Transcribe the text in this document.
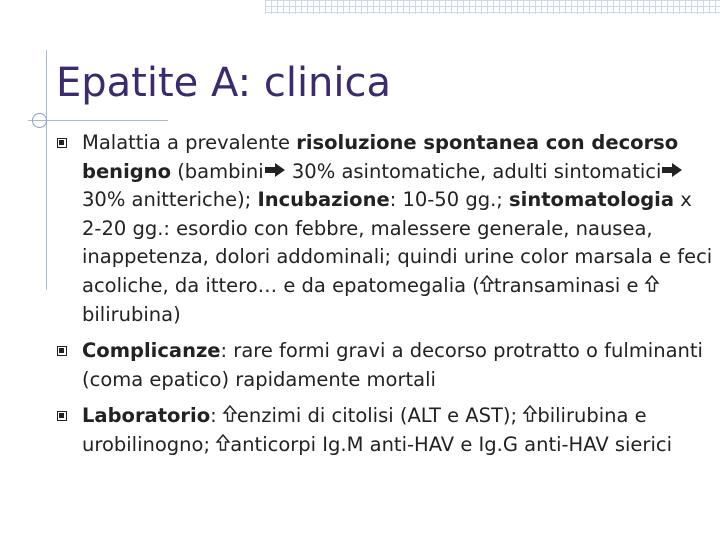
Epatite A: clinica
Malattia a prevalente risoluzione spontanea con decorso benigno (bambini 30% asintomatiche, adulti sintomatici 30% anitteriche); Incubazione: 10-50 gg.; sintomatologia x 2-20 gg.: esordio con febbre, malessere generale, nausea, inappetenza, dolori addominali; quindi urine color marsala e feci acoliche, da ittero… e da epatomegalia ( transaminasi e bilirubina)
Complicanze: rare formi gravi a decorso protratto o fulminanti (coma epatico) rapidamente mortali
Laboratorio: enzimi di citolisi (ALT e AST); bilirubina e urobilinogno; anticorpi Ig.M anti-HAV e Ig.G anti-HAV sierici
